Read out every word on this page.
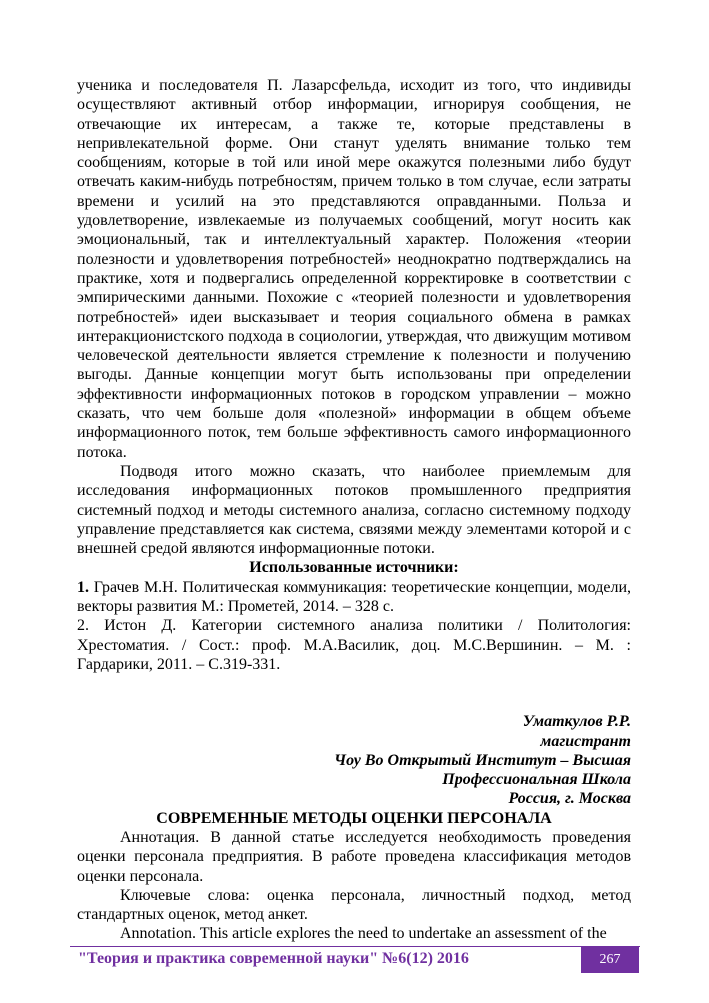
ученика и последователя П. Лазарсфельда, исходит из того, что индивиды осуществляют активный отбор информации, игнорируя сообщения, не отвечающие их интересам, а также те, которые представлены в непривлекательной форме. Они станут уделять внимание только тем сообщениям, которые в той или иной мере окажутся полезными либо будут отвечать каким-нибудь потребностям, причем только в том случае, если затраты времени и усилий на это представляются оправданными. Польза и удовлетворение, извлекаемые из получаемых сообщений, могут носить как эмоциональный, так и интеллектуальный характер. Положения «теории полезности и удовлетворения потребностей» неоднократно подтверждались на практике, хотя и подвергались определенной корректировке в соответствии с эмпирическими данными. Похожие с «теорией полезности и удовлетворения потребностей» идеи высказывает и теория социального обмена в рамках интеракционистского подхода в социологии, утверждая, что движущим мотивом человеческой деятельности является стремление к полезности и получению выгоды. Данные концепции могут быть использованы при определении эффективности информационных потоков в городском управлении – можно сказать, что чем больше доля «полезной» информации в общем объеме информационного поток, тем больше эффективность самого информационного потока.

Подводя итого можно сказать, что наиболее приемлемым для исследования информационных потоков промышленного предприятия системный подход и методы системного анализа, согласно системному подходу управление представляется как система, связями между элементами которой и с внешней средой являются информационные потоки.

Использованные источники:

1. Грачев М.Н. Политическая коммуникация: теоретические концепции, модели, векторы развития М.: Прометей, 2014. – 328 с.

2. Истон Д. Категории системного анализа политики / Политология: Хрестоматия. / Сост.: проф. М.А.Василик, доц. М.С.Вершинин. – М. : Гардарики, 2011. – С.319-331.

Уматкулов Р.Р.

магистрант

Чоу Во Открытый Институт – Высшая

Профессиональная Школа

Россия, г. Москва

СОВРЕМЕННЫЕ МЕТОДЫ ОЦЕНКИ ПЕРСОНАЛА

Аннотация. В данной статье исследуется необходимость проведения оценки персонала предприятия. В работе проведена классификация методов оценки персонала.

Ключевые слова: оценка персонала, личностный подход, метод стандартных оценок, метод анкет.

Annotation. This article explores the need to undertake an assessment of the

"Теория и практика современной науки" №6(12) 2016	267
